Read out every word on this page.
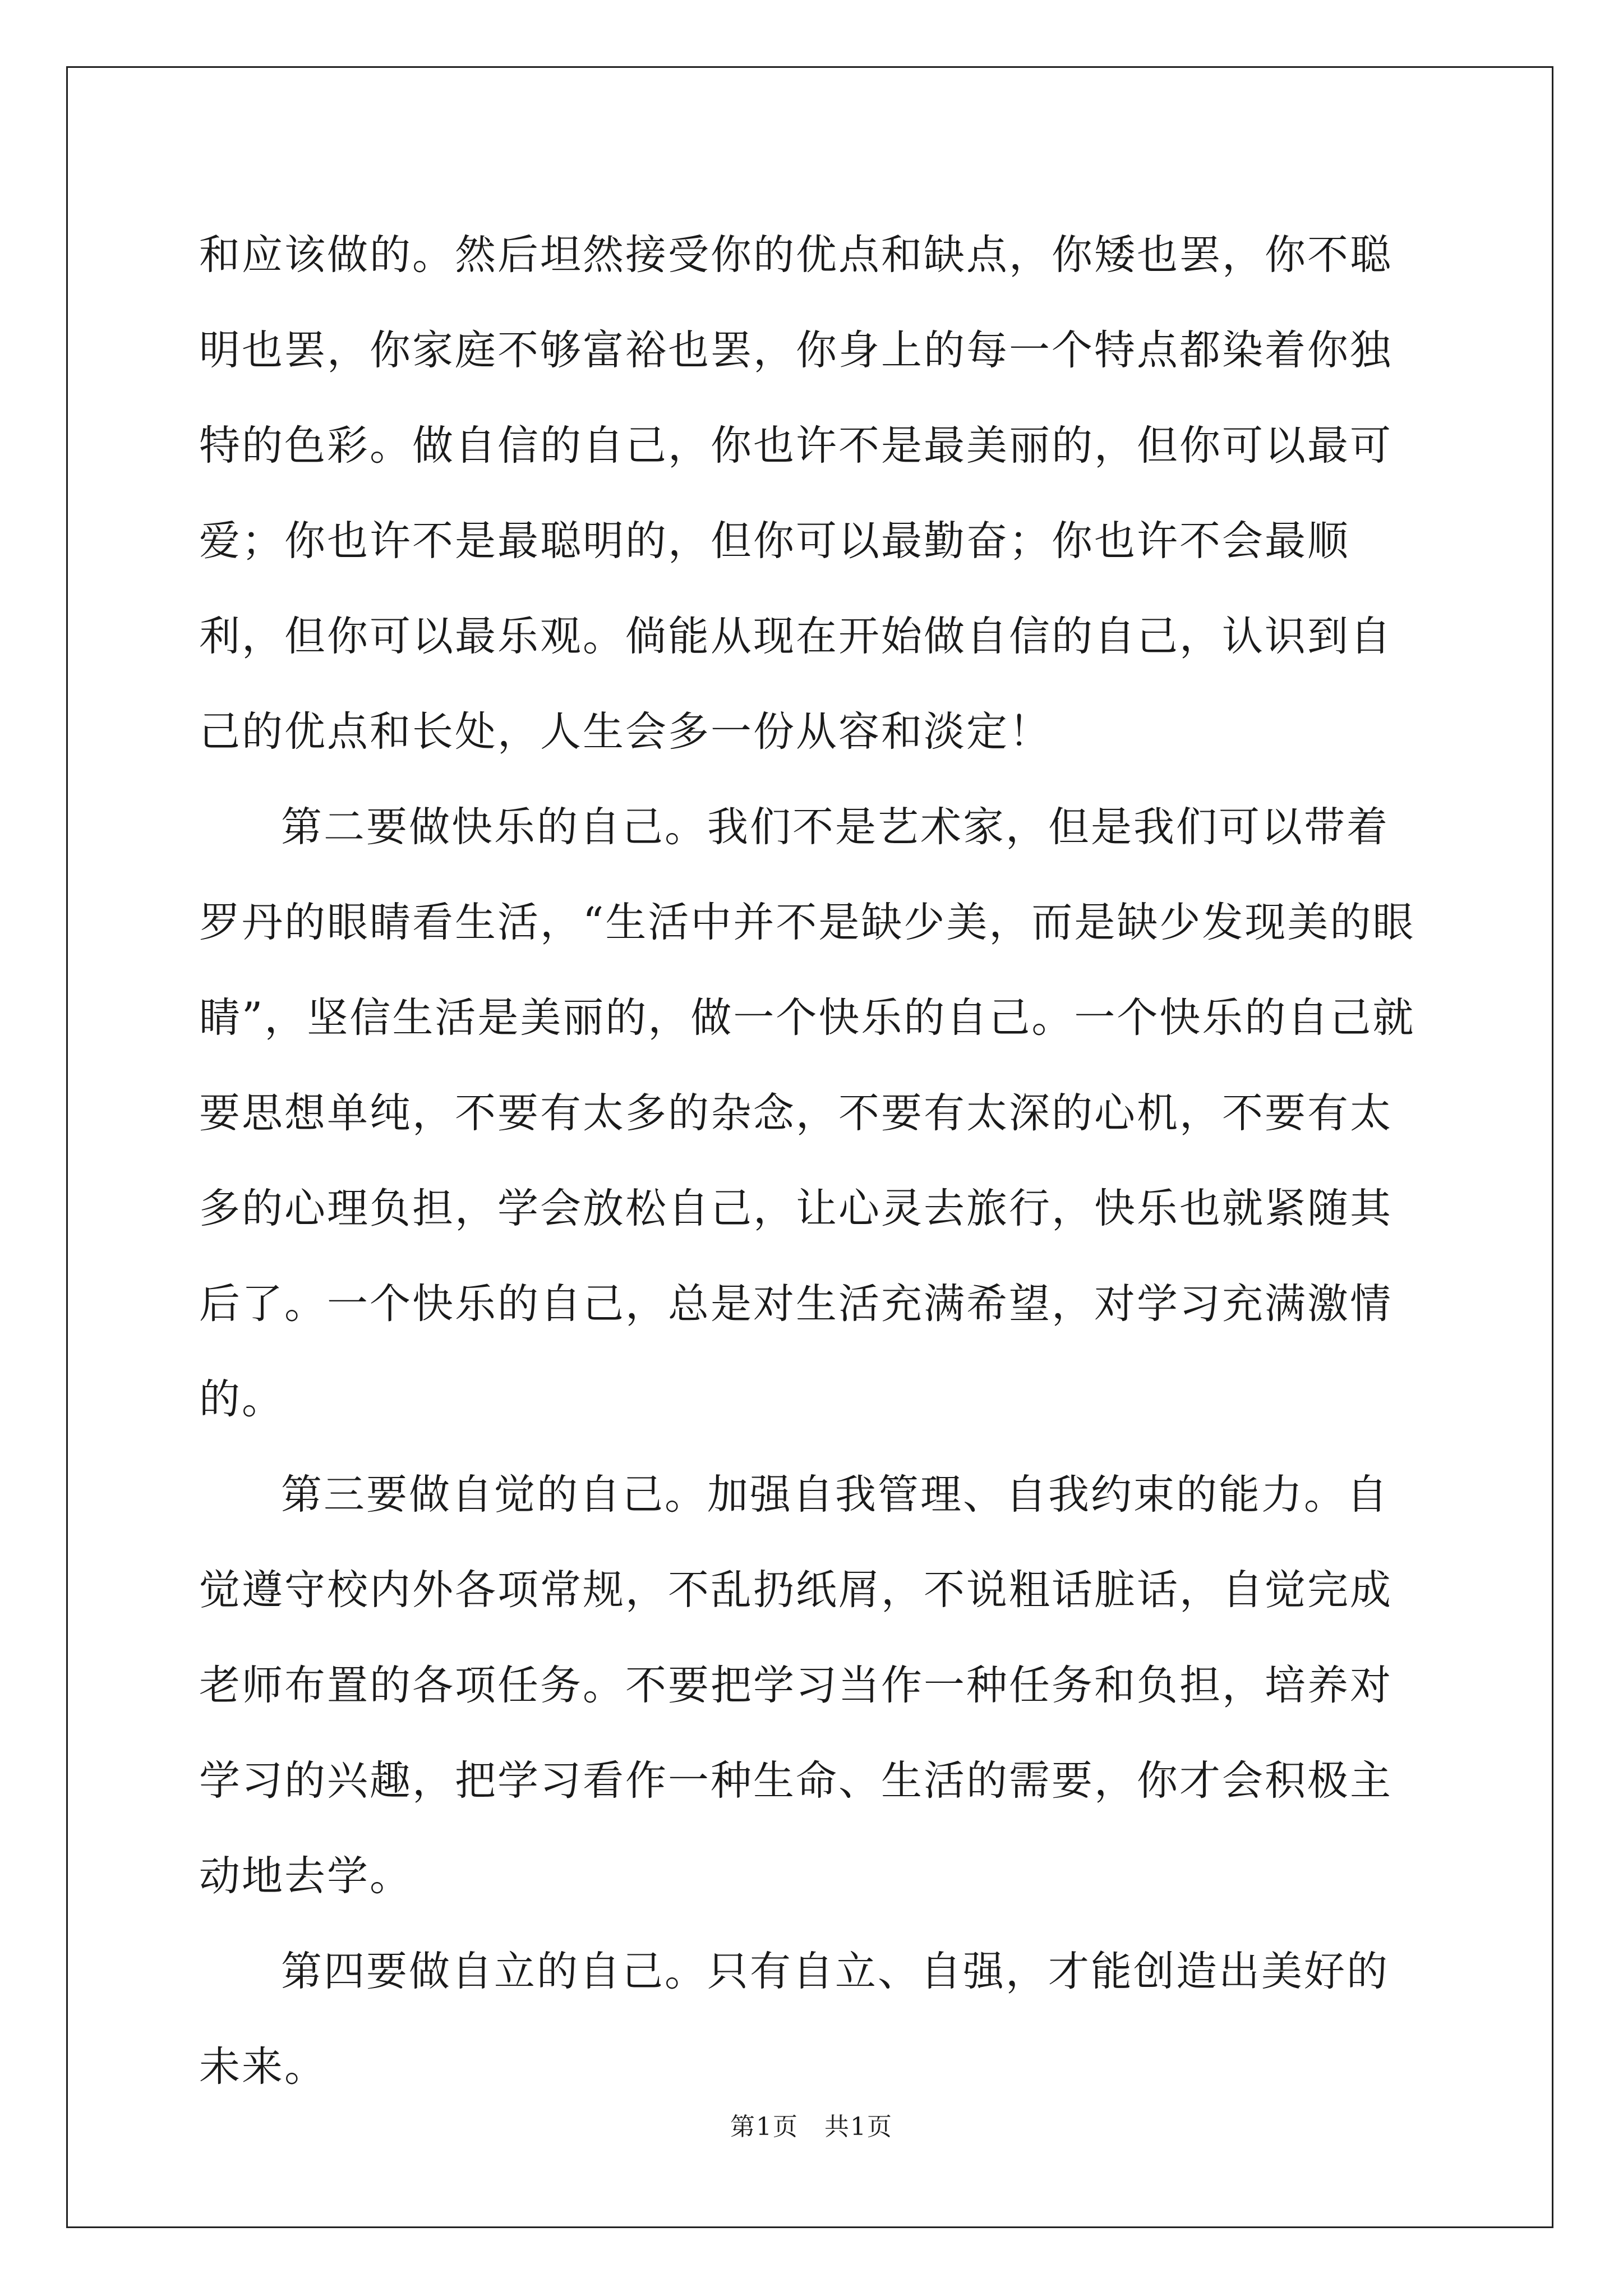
和应该做的。然后坦然接受你的优点和缺点，你矮也罢，你不聪明也罢，你家庭不够富裕也罢，你身上的每一个特点都染着你独特的色彩。做自信的自己，你也许不是最美丽的，但你可以最可爱；你也许不是最聪明的，但你可以最勤奋；你也许不会最顺利，但你可以最乐观。倘能从现在开始做自信的自己，认识到自己的优点和长处，人生会多一份从容和淡定！

第二要做快乐的自己。我们不是艺术家，但是我们可以带着罗丹的眼睛看生活，“生活中并不是缺少美，而是缺少发现美的眼睛”，坚信生活是美丽的，做一个快乐的自己。一个快乐的自己就要思想单纯，不要有太多的杂念，不要有太深的心机，不要有太多的心理负担，学会放松自己，让心灵去旅行，快乐也就紧随其后了。一个快乐的自己，总是对生活充满希望，对学习充满激情的。

第三要做自觉的自己。加强自我管理、自我约束的能力。自觉遵守校内外各项常规，不乱扔纸屑，不说粗话脏话，自觉完成老师布置的各项任务。不要把学习当作一种任务和负担，培养对学习的兴趣，把学习看作一种生命、生活的需要，你才会积极主动地去学。

第四要做自立的自己。只有自立、自强，才能创造出美好的未来。

第1页 共1页
